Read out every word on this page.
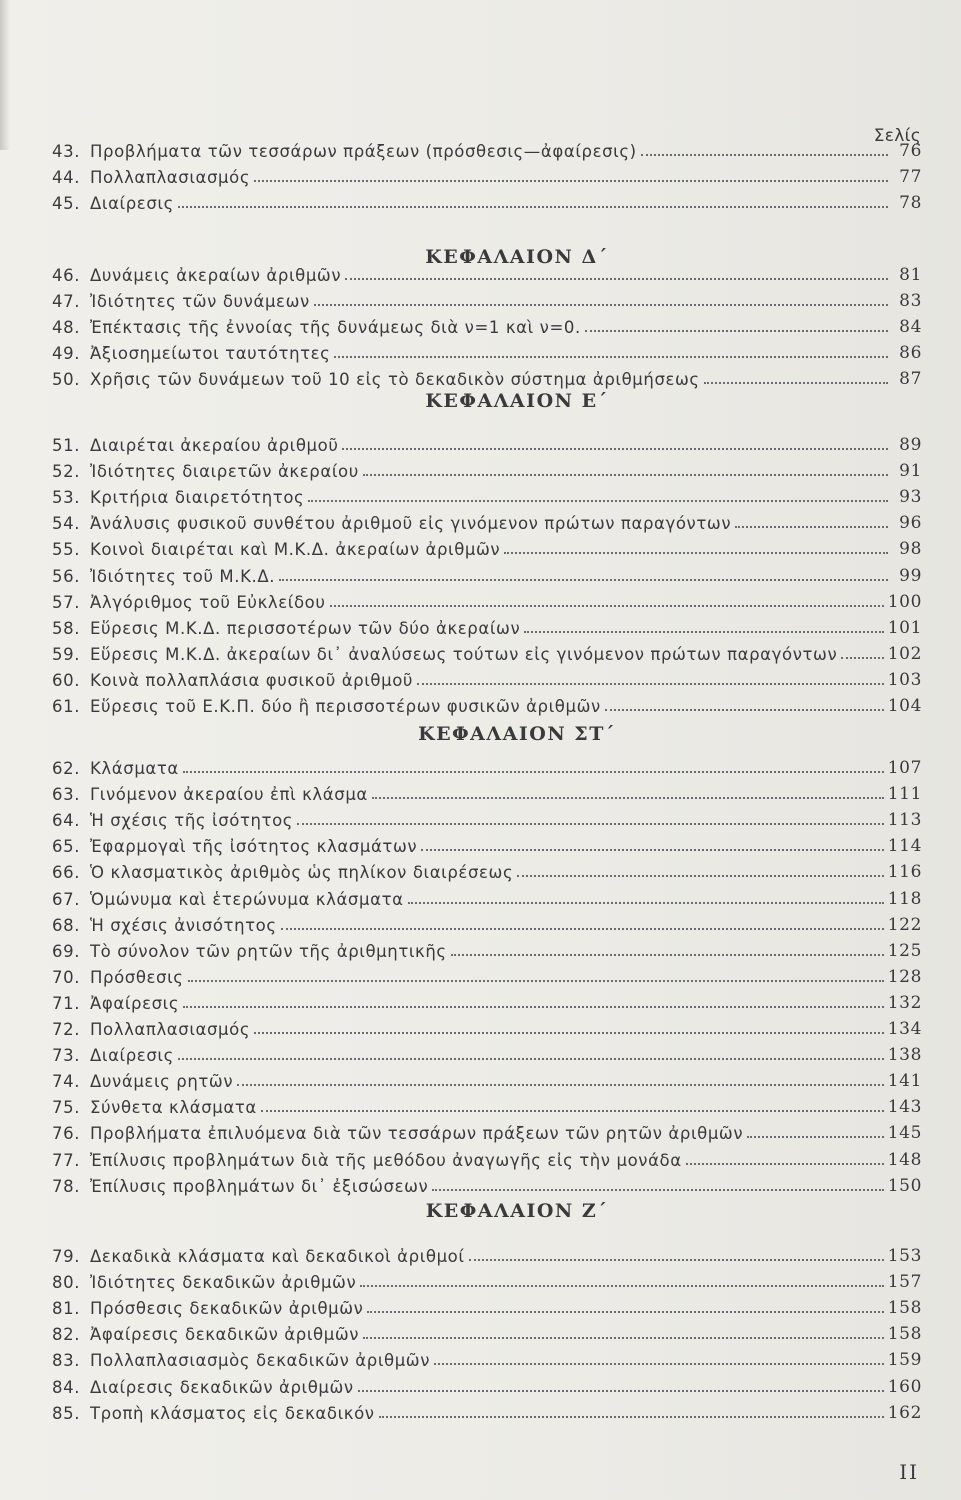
Σελίς
43. Προβλήματα τῶν τεσσάρων πράξεων (πρόσθεσις—ἀφαίρεσις)	76
44. Πολλαπλασιασμός	77
45. Διαίρεσις	78
ΚΕΦΑΛΑΙΟΝ Δ΄
46. Δυνάμεις ἀκεραίων ἀριθμῶν	81
47. Ἰδιότητες τῶν δυνάμεων	83
48. Ἐπέκτασις τῆς ἐννοίας τῆς δυνάμεως διὰ ν=1 καὶ ν=0.	84
49. Ἀξιοσημείωτοι ταυτότητες	86
50. Χρῆσις τῶν δυνάμεων τοῦ 10 εἰς τὸ δεκαδικὸν σύστημα ἀριθμήσεως	87
ΚΕΦΑΛΑΙΟΝ Ε΄
51. Διαιρέται ἀκεραίου ἀριθμοῦ	89
52. Ἰδιότητες διαιρετῶν ἀκεραίου	91
53. Κριτήρια διαιρετότητος	93
54. Ἀνάλυσις φυσικοῦ συνθέτου ἀριθμοῦ εἰς γινόμενον πρώτων παραγόντων	96
55. Κοινοὶ διαιρέται καὶ Μ.Κ.Δ. ἀκεραίων ἀριθμῶν	98
56. Ἰδιότητες τοῦ Μ.Κ.Δ.	99
57. Ἀλγόριθμος τοῦ Εὐκλείδου	100
58. Εὕρεσις Μ.Κ.Δ. περισσοτέρων τῶν δύο ἀκεραίων	101
59. Εὕρεσις Μ.Κ.Δ. ἀκεραίων δι᾽ ἀναλύσεως τούτων εἰς γινόμενον πρώτων παραγόντων	102
60. Κοινὰ πολλαπλάσια φυσικοῦ ἀριθμοῦ	103
61. Εὕρεσις τοῦ Ε.Κ.Π. δύο ἢ περισσοτέρων φυσικῶν ἀριθμῶν	104
ΚΕΦΑΛΑΙΟΝ ΣΤ΄
62. Κλάσματα	107
63. Γινόμενον ἀκεραίου ἐπὶ κλάσμα	111
64. Ἡ σχέσις τῆς ἰσότητος	113
65. Ἐφαρμογαὶ τῆς ἰσότητος κλασμάτων	114
66. Ὁ κλασματικὸς ἀριθμὸς ὡς πηλίκον διαιρέσεως	116
67. Ὁμώνυμα καὶ ἑτερώνυμα κλάσματα	118
68. Ἡ σχέσις ἀνισότητος	122
69. Τὸ σύνολον τῶν ρητῶν τῆς ἀριθμητικῆς	125
70. Πρόσθεσις	128
71. Ἀφαίρεσις	132
72. Πολλαπλασιασμός	134
73. Διαίρεσις	138
74. Δυνάμεις ρητῶν	141
75. Σύνθετα κλάσματα	143
76. Προβλήματα ἐπιλυόμενα διὰ τῶν τεσσάρων πράξεων τῶν ρητῶν ἀριθμῶν	145
77. Ἐπίλυσις προβλημάτων διὰ τῆς μεθόδου ἀναγωγῆς εἰς τὴν μονάδα	148
78. Ἐπίλυσις προβλημάτων δι᾽ ἐξισώσεων	150
ΚΕΦΑΛΑΙΟΝ Ζ΄
79. Δεκαδικὰ κλάσματα καὶ δεκαδικοὶ ἀριθμοί	153
80. Ἰδιότητες δεκαδικῶν ἀριθμῶν	157
81. Πρόσθεσις δεκαδικῶν ἀριθμῶν	158
82. Ἀφαίρεσις δεκαδικῶν ἀριθμῶν	158
83. Πολλαπλασιασμὸς δεκαδικῶν ἀριθμῶν	159
84. Διαίρεσις δεκαδικῶν ἀριθμῶν	160
85. Τροπὴ κλάσματος εἰς δεκαδικόν	162
ΙΙ
